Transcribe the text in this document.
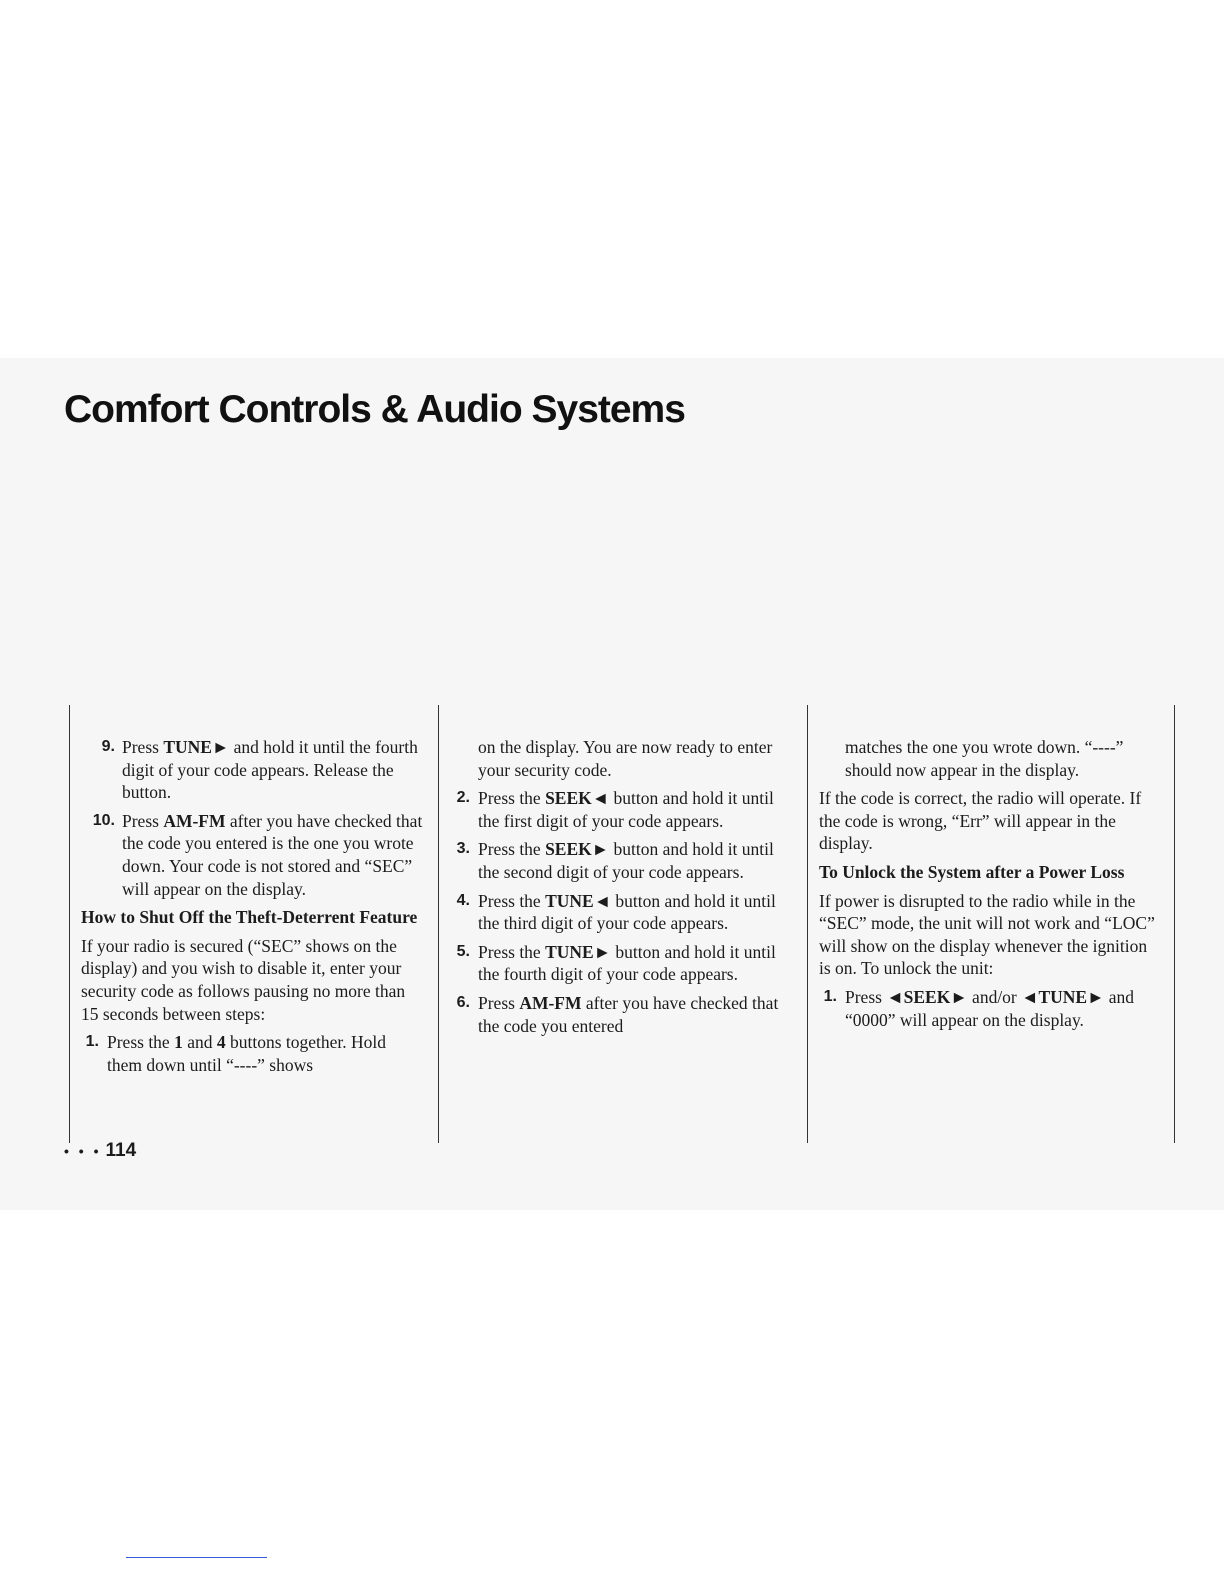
Comfort Controls & Audio Systems
9. Press TUNE► and hold it until the fourth digit of your code appears. Release the button.
10. Press AM-FM after you have checked that the code you entered is the one you wrote down. Your code is not stored and “SEC” will appear on the display.
How to Shut Off the Theft-Deterrent Feature

If your radio is secured (“SEC” shows on the display) and you wish to disable it, enter your security code as follows pausing no more than 15 seconds between steps:

1. Press the 1 and 4 buttons together. Hold them down until “----” shows

on the display. You are now ready to enter your security code.

2. Press the SEEK◄ button and hold it until the first digit of your code appears.
3. Press the SEEK► button and hold it until the second digit of your code appears.
4. Press the TUNE◄ button and hold it until the third digit of your code appears.
5. Press the TUNE► button and hold it until the fourth digit of your code appears.
6. Press AM-FM after you have checked that the code you entered

matches the one you wrote down. “----” should now appear in the display.

If the code is correct, the radio will operate. If the code is wrong, “Err” will appear in the display.

To Unlock the System after a Power Loss

If power is disrupted to the radio while in the “SEC” mode, the unit will not work and “LOC” will show on the display whenever the ignition is on. To unlock the unit:

1. Press ◄SEEK► and/or ◄TUNE► and “0000” will appear on the display.
• • • 114
